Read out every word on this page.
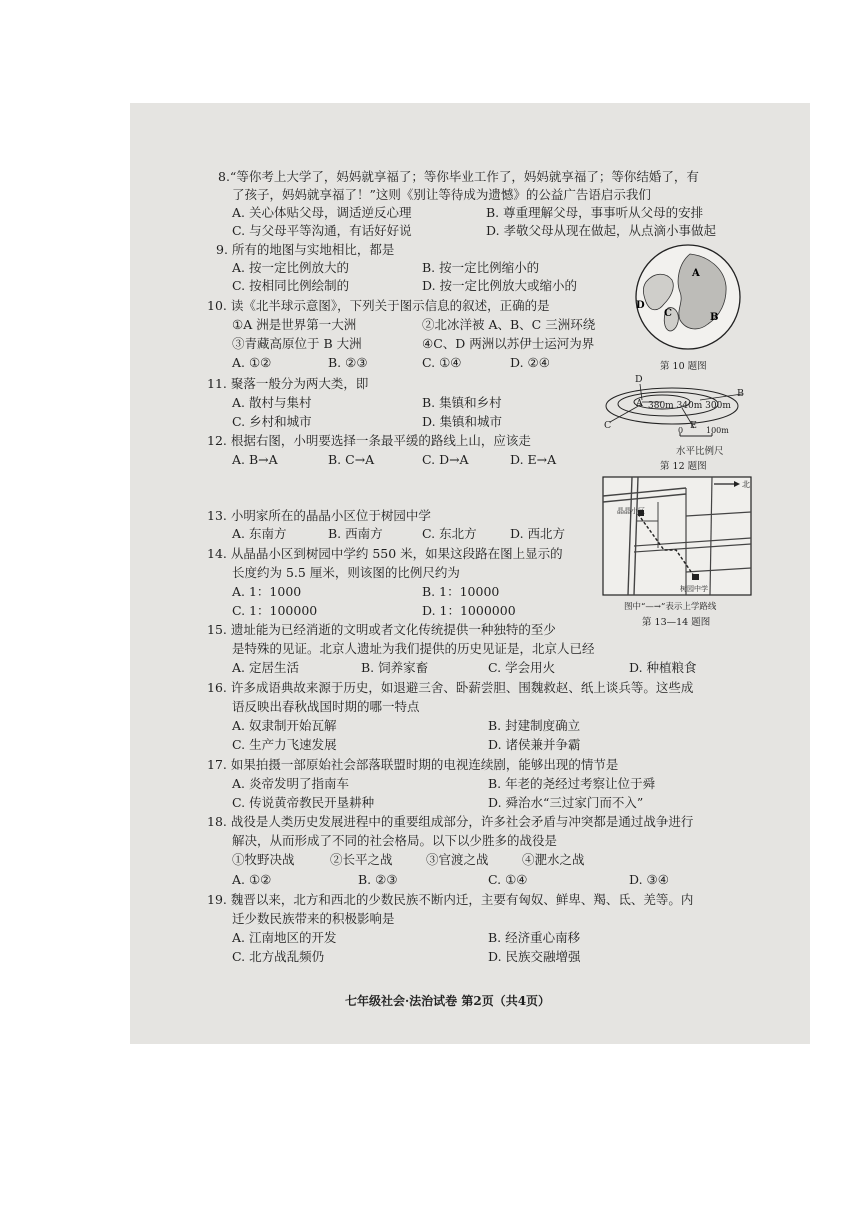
8.“等你考上大学了，妈妈就享福了；等你毕业工作了，妈妈就享福了；等你结婚了，有
了孩子，妈妈就享福了！”这则《别让等待成为遗憾》的公益广告语启示我们
A. 关心体贴父母，调适逆反心理	B. 尊重理解父母，事事听从父母的安排
C. 与父母平等沟通，有话好好说	D. 孝敬父母从现在做起，从点滴小事做起
9. 所有的地图与实地相比，都是
A. 按一定比例放大的	B. 按一定比例缩小的
C. 按相同比例绘制的	D. 按一定比例放大或缩小的
10. 读《北半球示意图》，下列关于图示信息的叙述，正确的是
①A 洲是世界第一大洲	②北冰洋被 A、B、C 三洲环绕
③青藏高原位于 B 大洲	④C、D 两洲以苏伊士运河为界
A. ①②	B. ②③	C. ①④	D. ②④
11. 聚落一般分为两大类，即
A. 散村与集村	B. 集镇和乡村
C. 乡村和城市	D. 集镇和城市
12. 根据右图，小明要选择一条最平缓的路线上山，应该走
A. B→A	B. C→A	C. D→A	D. E→A
13. 小明家所在的晶晶小区位于树园中学
A. 东南方	B. 西南方	C. 东北方	D. 西北方
14. 从晶晶小区到树园中学约 550 米，如果这段路在图上显示的
长度约为 5.5 厘米，则该图的比例尺约为
A. 1：1000	B. 1：10000
C. 1：100000	D. 1：1000000
15. 遗址能为已经消逝的文明或者文化传统提供一种独特的至少
是特殊的见证。北京人遗址为我们提供的历史见证是，北京人已经
A. 定居生活	B. 饲养家畜	C. 学会用火	D. 种植粮食
16. 许多成语典故来源于历史，如退避三舍、卧薪尝胆、围魏救赵、纸上谈兵等。这些成
语反映出春秋战国时期的哪一特点
A. 奴隶制开始瓦解	B. 封建制度确立
C. 生产力飞速发展	D. 诸侯兼并争霸
17. 如果拍摄一部原始社会部落联盟时期的电视连续剧，能够出现的情节是
A. 炎帝发明了指南车	B. 年老的尧经过考察让位于舜
C. 传说黄帝教民开垦耕种	D. 舜治水“三过家门而不入”
18. 战役是人类历史发展进程中的重要组成部分，许多社会矛盾与冲突都是通过战争进行
解决，从而形成了不同的社会格局。以下以少胜多的战役是
①牧野决战	②长平之战	③官渡之战	④淝水之战
A. ①②	B. ②③	C. ①④	D. ③④
19. 魏晋以来，北方和西北的少数民族不断内迁，主要有匈奴、鲜卑、羯、氐、羌等。内
迁少数民族带来的积极影响是
A. 江南地区的开发	B. 经济重心南移
C. 北方战乱频仍	D. 民族交融增强
七年级社会·法治试卷 第2页（共4页）
A
B
C
D
第 10 题图
D
A
B
C	E
380m 340m 300m
0	100m
水平比例尺
第 12 题图
北
晶晶小区
树园中学
图中“—→”表示上学路线
第 13—14 题图
